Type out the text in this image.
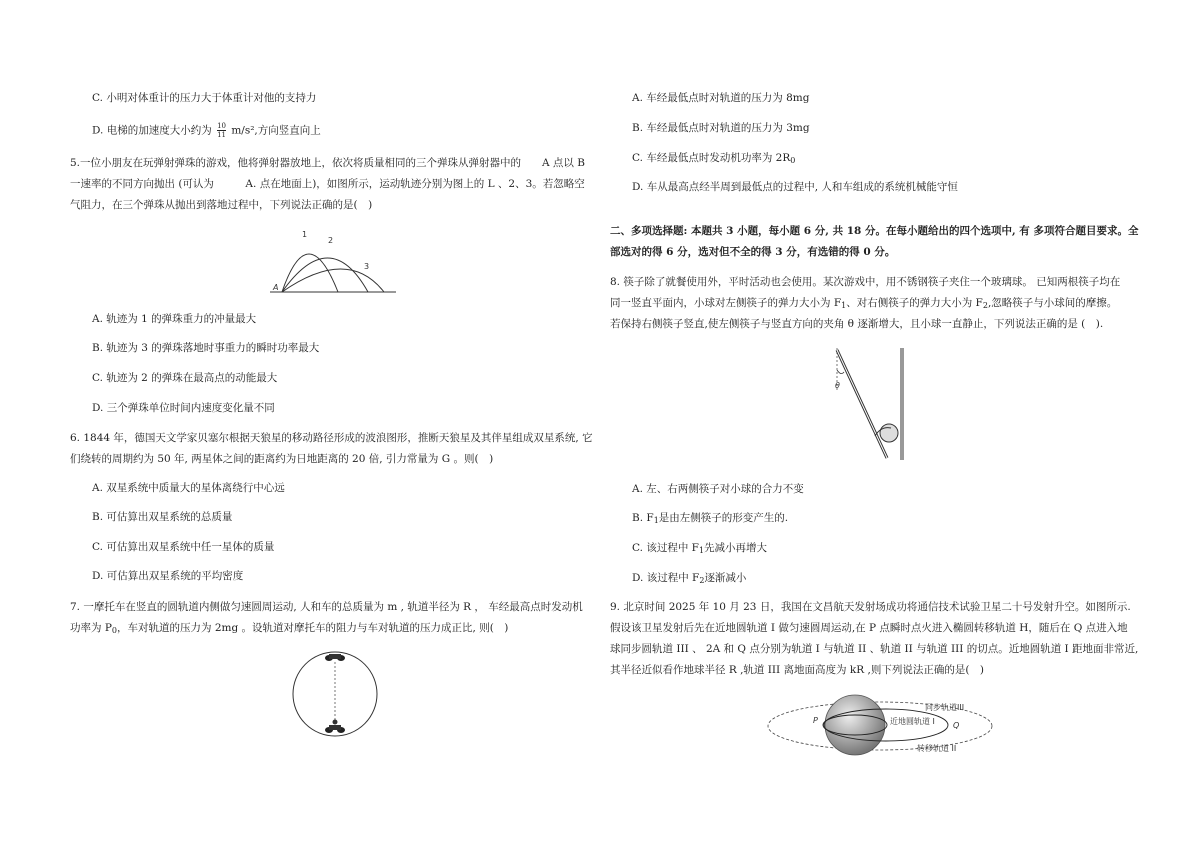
C. 小明对体重计的压力大于体重计对他的支持力
D. 电梯的加速度大小约为 $\frac{10}{11} m/s^2$,方向竖直向上
5.一位小朋友在玩弹射弹珠的游戏，他将弹射器放地上，依次将质量相同的三个弹珠从弹射器中的　　A 点以 B
一速率的不同方向抛出 (可认为　　　A. 点在地面上)，如图所示，运动轨迹分别为图上的 L 、2、3。若忽略空
气阻力，在三个弹珠从抛出到落地过程中，下列说法正确的是(　)
1
2
3
A
A. 轨迹为 1 的弹珠重力的冲量最大
B. 轨迹为 3 的弹珠落地时事重力的瞬时功率最大
C. 轨迹为 2 的弹珠在最高点的动能最大
D. 三个弹珠单位时间内速度变化量不同
6. 1844 年，德国天文学家贝塞尔根据天狼星的移动路径形成的波浪图形，推断天狼星及其伴星组成双星系统, 它
们绕转的周期约为 50 年, 两星体之间的距离约为日地距离的 20 倍, 引力常量为 G 。则(　)
A. 双星系统中质量大的星体离绕行中心远
B. 可估算出双星系统的总质量
C. 可估算出双星系统中任一星体的质量
D. 可估算出双星系统的平均密度
7. 一摩托车在竖直的圆轨道内侧做匀速圆周运动, 人和车的总质量为 m , 轨道半径为 R ， 车经最高点时发动机
功率为 $P_0$，车对轨道的压力为 2mg 。设轨道对摩托车的阻力与车对轨道的压力成正比, 则(　)
A. 车经最低点时对轨道的压力为 8mg
B. 车经最低点时对轨道的压力为 3mg
C. 车经最低点时发动机功率为 $2R_0$
D. 车从最高点经半周到最低点的过程中, 人和车组成的系统机械能守恒
二、多项选择题: 本题共 3 小题，每小题 6 分, 共 18 分。在每小题给出的四个选项中, 有 多项符合题目要求。全
部选对的得 6 分，选对但不全的得 3 分，有选错的得 0 分。
8. 筷子除了就餐使用外，平时活动也会使用。某次游戏中，用不锈钢筷子夹住一个玻璃球。 已知两根筷子均在
同一竖直平面内，小球对左侧筷子的弹力大小为 $F_1$、对右侧筷子的弹力大小为 $F_2$,忽略筷子与小球间的摩擦。
若保持右侧筷子竖直,使左侧筷子与竖直方向的夹角 θ 逐渐增大，且小球一直静止，下列说法正确的是 (　).
θ
A. 左、右两侧筷子对小球的合力不变
B. $F_1$是由左侧筷子的形变产生的.
C. 该过程中 $F_1$先减小再增大
D. 该过程中 $F_2$逐渐减小
9. 北京时间 2025 年 10 月 23 日，我国在文昌航天发射场成功将通信技术试验卫星二十号发射升空。如图所示.
假设该卫星发射后先在近地圆轨道 I 做匀速圆周运动,在 P 点瞬时点火进入椭圆转移轨道 H，随后在 Q 点进入地
球同步圆轨道 III 、 2A 和 Q 点分别为轨道 I 与轨道 II 、轨道 II 与轨道 III 的切点。近地圆轨道 I 距地面非常近,
其半径近似看作地球半径 R ,轨道 III 离地面高度为 kR ,则下列说法正确的是(　)
P
Q
同步轨道III
近地圆轨道 I
转移轨道 II
